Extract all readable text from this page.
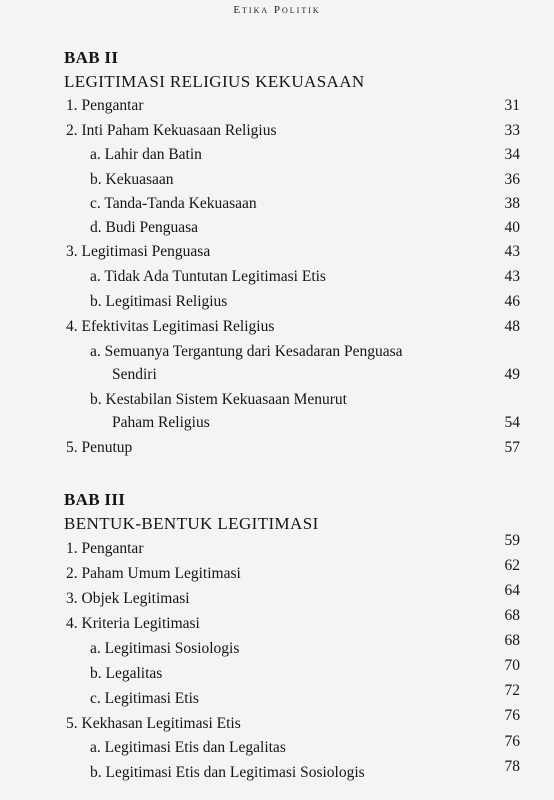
Etika Politik
BAB II
LEGITIMASI RELIGIUS KEKUASAAN
1. Pengantar	31
2. Inti Paham Kekuasaan Religius	33
a. Lahir dan Batin	34
b. Kekuasaan	36
c. Tanda-Tanda Kekuasaan	38
d. Budi Penguasa	40
3. Legitimasi Penguasa	43
a. Tidak Ada Tuntutan Legitimasi Etis	43
b. Legitimasi Religius	46
4. Efektivitas Legitimasi Religius	48
a. Semuanya Tergantung dari Kesadaran Penguasa
Sendiri	49
b. Kestabilan Sistem Kekuasaan Menurut
Paham Religius	54
5. Penutup	57
BAB III
BENTUK-BENTUK LEGITIMASI
1. Pengantar	59
2. Paham Umum Legitimasi	62
3. Objek Legitimasi	64
4. Kriteria Legitimasi	68
a. Legitimasi Sosiologis	68
b. Legalitas	70
c. Legitimasi Etis	72
5. Kekhasan Legitimasi Etis	76
a. Legitimasi Etis dan Legalitas	76
b. Legitimasi Etis dan Legitimasi Sosiologis	78
